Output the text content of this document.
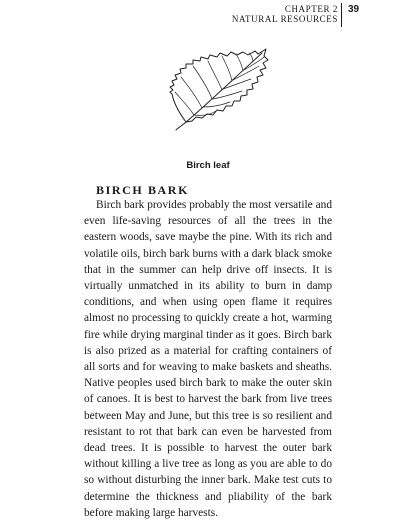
CHAPTER 2
NATURAL RESOURCES
39
Birch leaf
BIRCH BARK

Birch bark provides probably the most versatile and even life-saving resources of all the trees in the eastern woods, save maybe the pine. With its rich and volatile oils, birch bark burns with a dark black smoke that in the summer can help drive off insects. It is virtually unmatched in its ability to burn in damp conditions, and when using open flame it requires almost no processing to quickly create a hot, warming fire while drying marginal tinder as it goes. Birch bark is also prized as a material for crafting containers of all sorts and for weaving to make baskets and sheaths. Native peoples used birch bark to make the outer skin of canoes. It is best to harvest the bark from live trees between May and June, but this tree is so resilient and resistant to rot that bark can even be harvested from dead trees. It is possible to harvest the outer bark without killing a live tree as long as you are able to do so without disturbing the inner bark. Make test cuts to determine the thickness and pliability of the bark before making large harvests.
